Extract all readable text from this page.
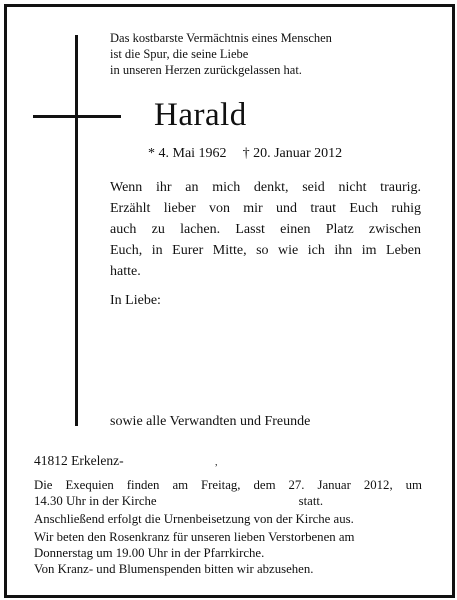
Das kostbarste Vermächtnis eines Menschen
ist die Spur, die seine Liebe
in unseren Herzen zurückgelassen hat.
Harald
* 4. Mai 1962 † 20. Januar 2012
Wenn ihr an mich denkt, seid nicht traurig.
Erzählt lieber von mir und traut Euch ruhig
auch zu lachen. Lasst einen Platz zwischen
Euch, in Eurer Mitte, so wie ich ihn im Leben
hatte.
In Liebe:
sowie alle Verwandten und Freunde
41812 Erkelenz-	,
Die Exequien finden am Freitag, dem 27. Januar 2012, um
14.30 Uhr in der Kirche	statt.
Anschließend erfolgt die Urnenbeisetzung von der Kirche aus.
Wir beten den Rosenkranz für unseren lieben Verstorbenen am
Donnerstag um 19.00 Uhr in der Pfarrkirche.
Von Kranz- und Blumenspenden bitten wir abzusehen.
